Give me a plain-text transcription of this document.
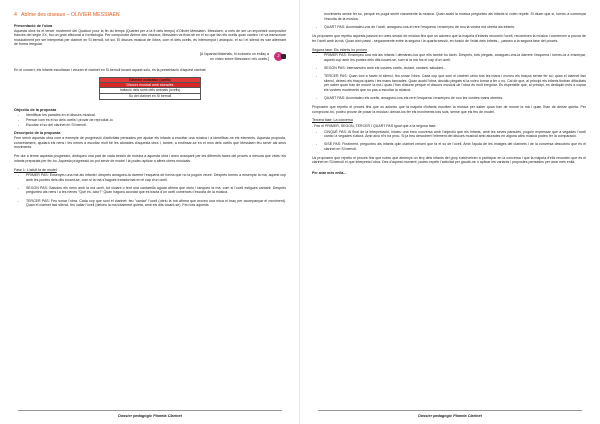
4 Abîme des oiseaux – OLIVIER MESSIAEN
Presentació de l'obra

Aquesta obra és el tercer moviment del Quatuor pour la fin du temps (Quartet per a la fi dels temps) d'Olivier Messiaen. Messiaen, a més de ser un important compositor francès del segle XX, fou un gran aficionat a l'ornitologia. Per compondre Abîme des oiseaux, Messiaen va fixar-se en el so que fan els ocells quan canten i el va transcriure musicalment per ser interpretat per clarinet en Si bemoll, tot sol. El discurs musical de l'obra, com el dels ocells, és interromput i anàrquic, el so i el silenci es van alternant de forma irregular.

[A l'apartat Materials, hi trobareu un enllaç a
un vídeo sobre Messiaen i els ocells.] ♪

En el concert, els infants escoltaran i veuran el clarinet en Si bemoll tocant aquest solo, és la presentació d'aquest clarinet.

Element motivador (ocells)
Discurs musical amb aturades
Imitació dels sons dels animals (ocells)
So del clarinet en Si bemoll
Objectiu de la proposta
- Identificar les parades en el discurs musical.
- Pensar com és el so dels ocells i provar de reproduir-lo.
- Escoltar el so del clarinet en Si bemoll.
Descripció de la proposta

Fem servir aquesta obra com a exemple de progressió d'activitats pensades per ajudar els infants a escoltar una música i a identificar-ne els elements. Aquesta proposta, concretament, ajudarà els nens i les nenes a escoltar molt bé les aturades d'aquesta obra i, també, a endinsar-se en el món dels ocells que Messiaen féu servir als seus moviments.

Per dur a terme aquesta progressió, dediqueu una part de cada sessió de música a aquesta obra i aneu avançant per les diferents fases del procés a mesura que veieu els infants preparats per fer-ho. Aquesta progressió us pot servir de model i la podeu aplicar a altres obres musicals.

Fase 1: L'adult fa de model
- PRIMER PAS: Ensenyeu una mà als infants i després amagueu-la darrere l'esquena de forma que no la puguin veure. Després torneu a ensenyar la mà, aquest cop amb les puntes dels dits tocant-se, com si la mà s'hagués transformat en el cap d'un ocell.
- SEGON PAS: Saludeu els nens amb la mà ocell, tot xiulant o fent una cantarella aguda afirma que obriu i tanqueu la mà, com si l'ocell estigués cantant. Després pregunteu als nens i a les nenes "Què és, això?" Quan hagueu acordat que es tracta d'un ocell comenceu l'escolta de la música.
- TERCER PAS: Feu sonar l'obra. Cada cop que soni el clarinet: feu "cantar" l'ocell (obriu la mà afirma que moveu una mica el braç per acompanyar el moviment). Quan el clarinet faci silenci, feu callar l'ocell (deixeu la mà totalment quieta, amb els dits tocant-se). Feu tots aquests
Dossier pedagògic Planeta Clarinet

moviments sense fer so, perquè es pugui sentir claramente la música. Quan acabi la música pregunteu als infants si volen repetir. Si diuen que sí, torneu a començar l'escolta de la música.

- QUART PAS: Acomiadeu-vos de l'ocell, amagueu-vos-el rere l'esquena i ensenyeu de nou la vostra mà oberta als infants.

Us proposem que repetiu aquests passos en unes sessió de música fins que us adoneu que la majoria d'infants reconeix l'ocell, reconeixen la música i comencen a provar de fer l'ocell amb la mà. Quan això passi - seguramente entre la segona i la quarta sessió, en funció de l'edat dels infants -, passeu a la segona fase del procés.

Segona fase: Els infants ho proven
- PRIMER PAS: Ensenyeu una mà als infants i demaneu-los que ells també ho facin. Després, tots plegats, amagueu-vos-la darrere l'esquena i torneu-la a ensenyar, aquest cop amb les puntes dels dits tocant-se, com si la mà fos el cap d'un ocell.
- SEGON PAS: Intercanvieu amb els vostres ocells, xiulant, cantant, saludant...
- TERCER PAS: Quan toni a haver-hi silenci, feu sonar l'obra. Cada cop que soni el clarinet obriu tots les mans i moveu els braços sense fer so; quan el clarinet faci silenci, deixeu els braços quiets i les mans tancades. Quan acabi l'obra, decidiu plegats si la voleu tornar a fer o no. Cal dir que, al principi els infants tindran dificultats per saber quan han de moure la mà i quan l'han d'aturar perquè el discurs musical de l'obra és molt irregular. És esperable que, al principi, es dediquin més a copiar els vostres moviments que no pas a escoltar la música.
- QUART PAS: Acomiadeu els ocells, amagueu-vos-els rere l'esquena i ensenyeu de nou les vostres mans obertes.

Proposem que repetiu el procés fins que us adoneu que la majoria d'infants escolten la música per saber quan han de moure la mà i quan l'han de deixar quieta. Per comprovar-ho, podeu provar de posar la música i deixar-los fer els moviments tots sols, sense que els feu de model.

Tercera fase: La conversa

- Feu el PRIMER, SEGON, TERCER I QUART PAS igual que a la segona fase.

- CINQUÈ PAS: Al final de la interpretació, inicieu una breu conversa amb l'objectiu que els infants, amb les seves paraules, puguin expressar que a vegades l'ocell canta i a vegades s'atura. Amb això n'hi ha prou. Si ja heu descobert l'element del discurs musical amb aturades en alguna altra música podeu fer la comparació.
- SISÈ PAS: Finalment, pregunteu als infants quin clarinet creuen que fa el so de l'ocell. Amb l'ajuda de les imatges del clarinets i de la conversa descobriu que és el clarinet en Si bemoll.

Us proposem que repetiu el procés fins que noteu que almenys un terç dels infants del grup s'atreveixen a participar en la conversa i que la majoria d'ells recorden que és el clarinet en Si bemoll el que interpreta l'obra. Des d'aquest moment, podeu repetir l'activitat per gaudir-ne o aplicar les variants i propostes pensades per anar més enllà.

Per anar més enllà...
Dossier pedagògic Planeta Clarinet
